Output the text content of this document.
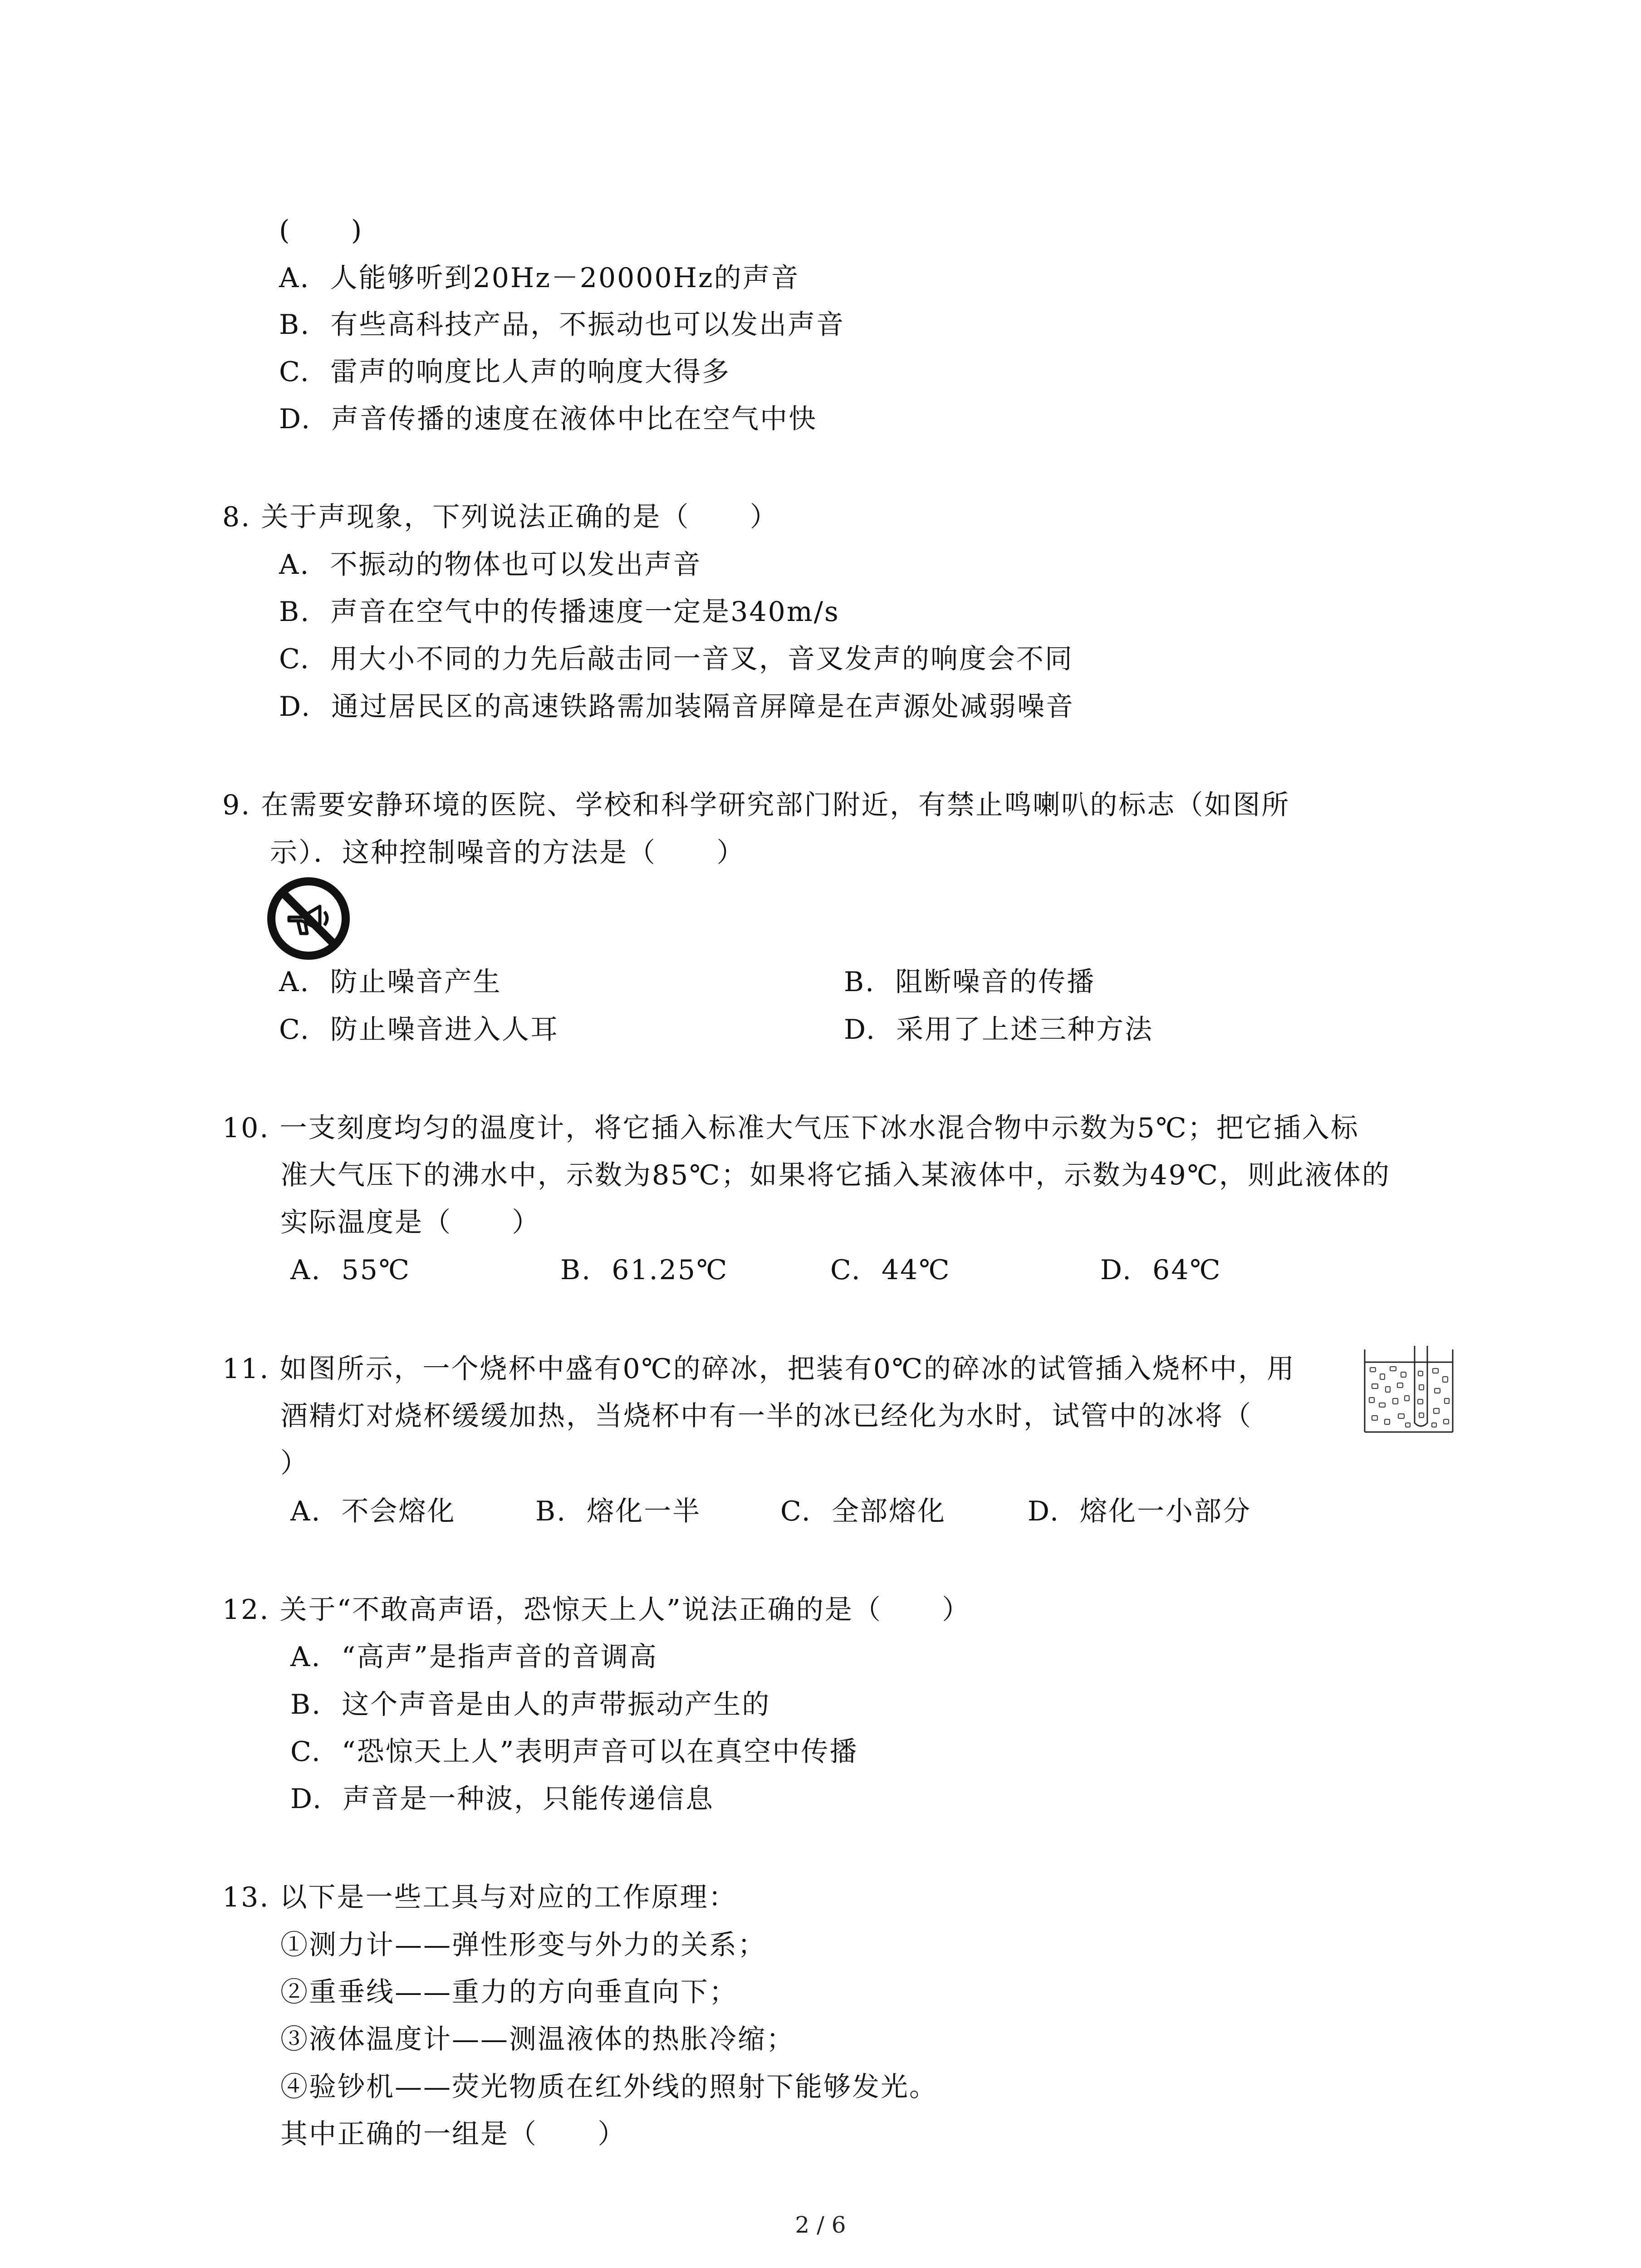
(      )
A.  人能够听到20Hz－20000Hz的声音
B.  有些高科技产品，不振动也可以发出声音
C.  雷声的响度比人声的响度大得多
D.  声音传播的速度在液体中比在空气中快
8. 关于声现象，下列说法正确的是（      ）
A.  不振动的物体也可以发出声音
B.  声音在空气中的传播速度一定是340m/s
C.  用大小不同的力先后敲击同一音叉，音叉发声的响度会不同
D.  通过居民区的高速铁路需加装隔音屏障是在声源处减弱噪音
9. 在需要安静环境的医院、学校和科学研究部门附近，有禁止鸣喇叭的标志（如图所
示）．这种控制噪音的方法是（      ）
A.  防止噪音产生	B.  阻断噪音的传播
C.  防止噪音进入人耳	D.  采用了上述三种方法
10. 一支刻度均匀的温度计，将它插入标准大气压下冰水混合物中示数为5℃；把它插入标
准大气压下的沸水中，示数为85℃；如果将它插入某液体中，示数为49℃，则此液体的
实际温度是（      ）
A.  55℃	B.  61.25℃	C.  44℃	D.  64℃
11. 如图所示，一个烧杯中盛有0℃的碎冰，把装有0℃的碎冰的试管插入烧杯中，用
酒精灯对烧杯缓缓加热，当烧杯中有一半的冰已经化为水时，试管中的冰将（
）
A.  不会熔化	B.  熔化一半	C.  全部熔化	D.  熔化一小部分
12. 关于“不敢高声语，恐惊天上人”说法正确的是（      ）
A.  “高声”是指声音的音调高
B.  这个声音是由人的声带振动产生的
C.  “恐惊天上人”表明声音可以在真空中传播
D.  声音是一种波，只能传递信息
13. 以下是一些工具与对应的工作原理：
①测力计——弹性形变与外力的关系；
②重垂线——重力的方向垂直向下；
③液体温度计——测温液体的热胀冷缩；
④验钞机——荧光物质在红外线的照射下能够发光。
其中正确的一组是（      ）
2 / 6
